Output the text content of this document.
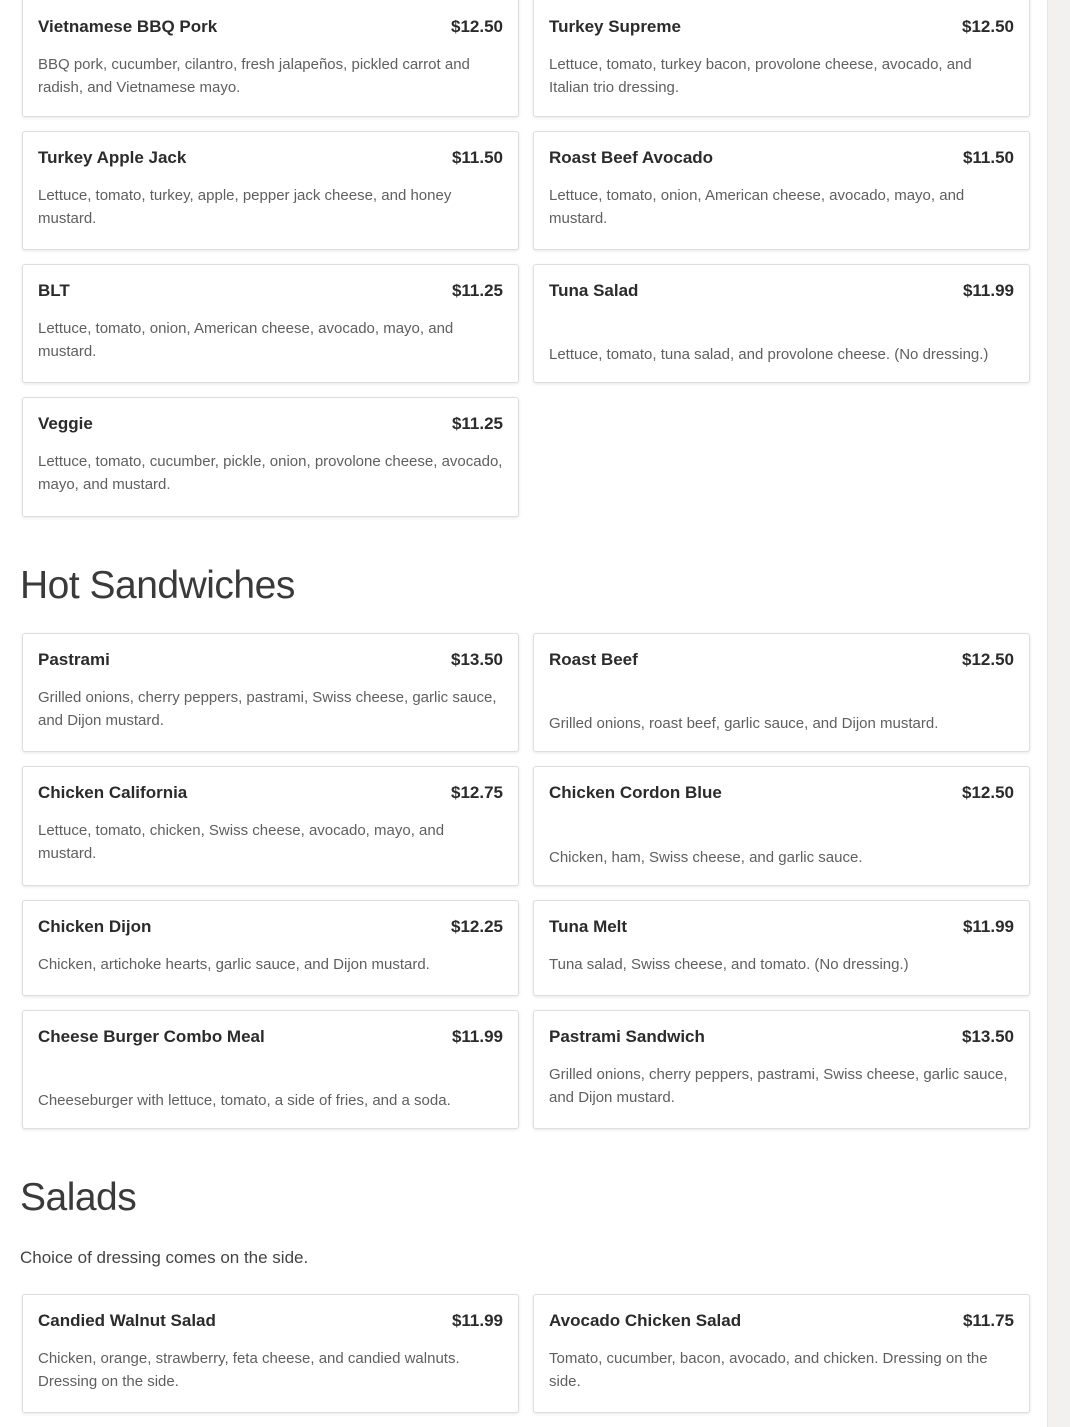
Vietnamese BBQ Pork	$12.50

BBQ pork, cucumber, cilantro, fresh jalapeños, pickled carrot and radish, and Vietnamese mayo.

Turkey Supreme	$12.50

Lettuce, tomato, turkey bacon, provolone cheese, avocado, and Italian trio dressing.

Turkey Apple Jack	$11.50

Lettuce, tomato, turkey, apple, pepper jack cheese, and honey mustard.

Roast Beef Avocado	$11.50

Lettuce, tomato, onion, American cheese, avocado, mayo, and mustard.

BLT	$11.25

Lettuce, tomato, onion, American cheese, avocado, mayo, and mustard.

Tuna Salad	$11.99

Lettuce, tomato, tuna salad, and provolone cheese. (No dressing.)

Veggie	$11.25

Lettuce, tomato, cucumber, pickle, onion, provolone cheese, avocado, mayo, and mustard.

Hot Sandwiches
Pastrami	$13.50

Grilled onions, cherry peppers, pastrami, Swiss cheese, garlic sauce, and Dijon mustard.

Roast Beef	$12.50

Grilled onions, roast beef, garlic sauce, and Dijon mustard.

Chicken California	$12.75

Lettuce, tomato, chicken, Swiss cheese, avocado, mayo, and mustard.

Chicken Cordon Blue	$12.50

Chicken, ham, Swiss cheese, and garlic sauce.

Chicken Dijon	$12.25

Chicken, artichoke hearts, garlic sauce, and Dijon mustard.

Tuna Melt	$11.99

Tuna salad, Swiss cheese, and tomato. (No dressing.)

Cheese Burger Combo Meal	$11.99

Cheeseburger with lettuce, tomato, a side of fries, and a soda.

Pastrami Sandwich	$13.50

Grilled onions, cherry peppers, pastrami, Swiss cheese, garlic sauce, and Dijon mustard.

Salads

Choice of dressing comes on the side.

Candied Walnut Salad	$11.99

Chicken, orange, strawberry, feta cheese, and candied walnuts. Dressing on the side.

Avocado Chicken Salad	$11.75

Tomato, cucumber, bacon, avocado, and chicken. Dressing on the side.
